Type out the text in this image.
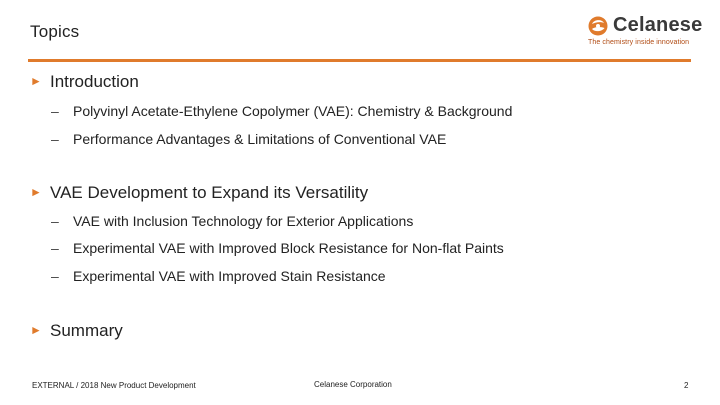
Topics	Celanese
The chemistry inside innovation
► Introduction
– Polyvinyl Acetate-Ethylene Copolymer (VAE): Chemistry & Background
– Performance Advantages & Limitations of Conventional VAE
► VAE Development to Expand its Versatility
– VAE with Inclusion Technology for Exterior Applications
– Experimental VAE with Improved Block Resistance for Non-flat Paints
– Experimental VAE with Improved Stain Resistance
► Summary
EXTERNAL / 2018 New Product Development	Celanese Corporation	2
